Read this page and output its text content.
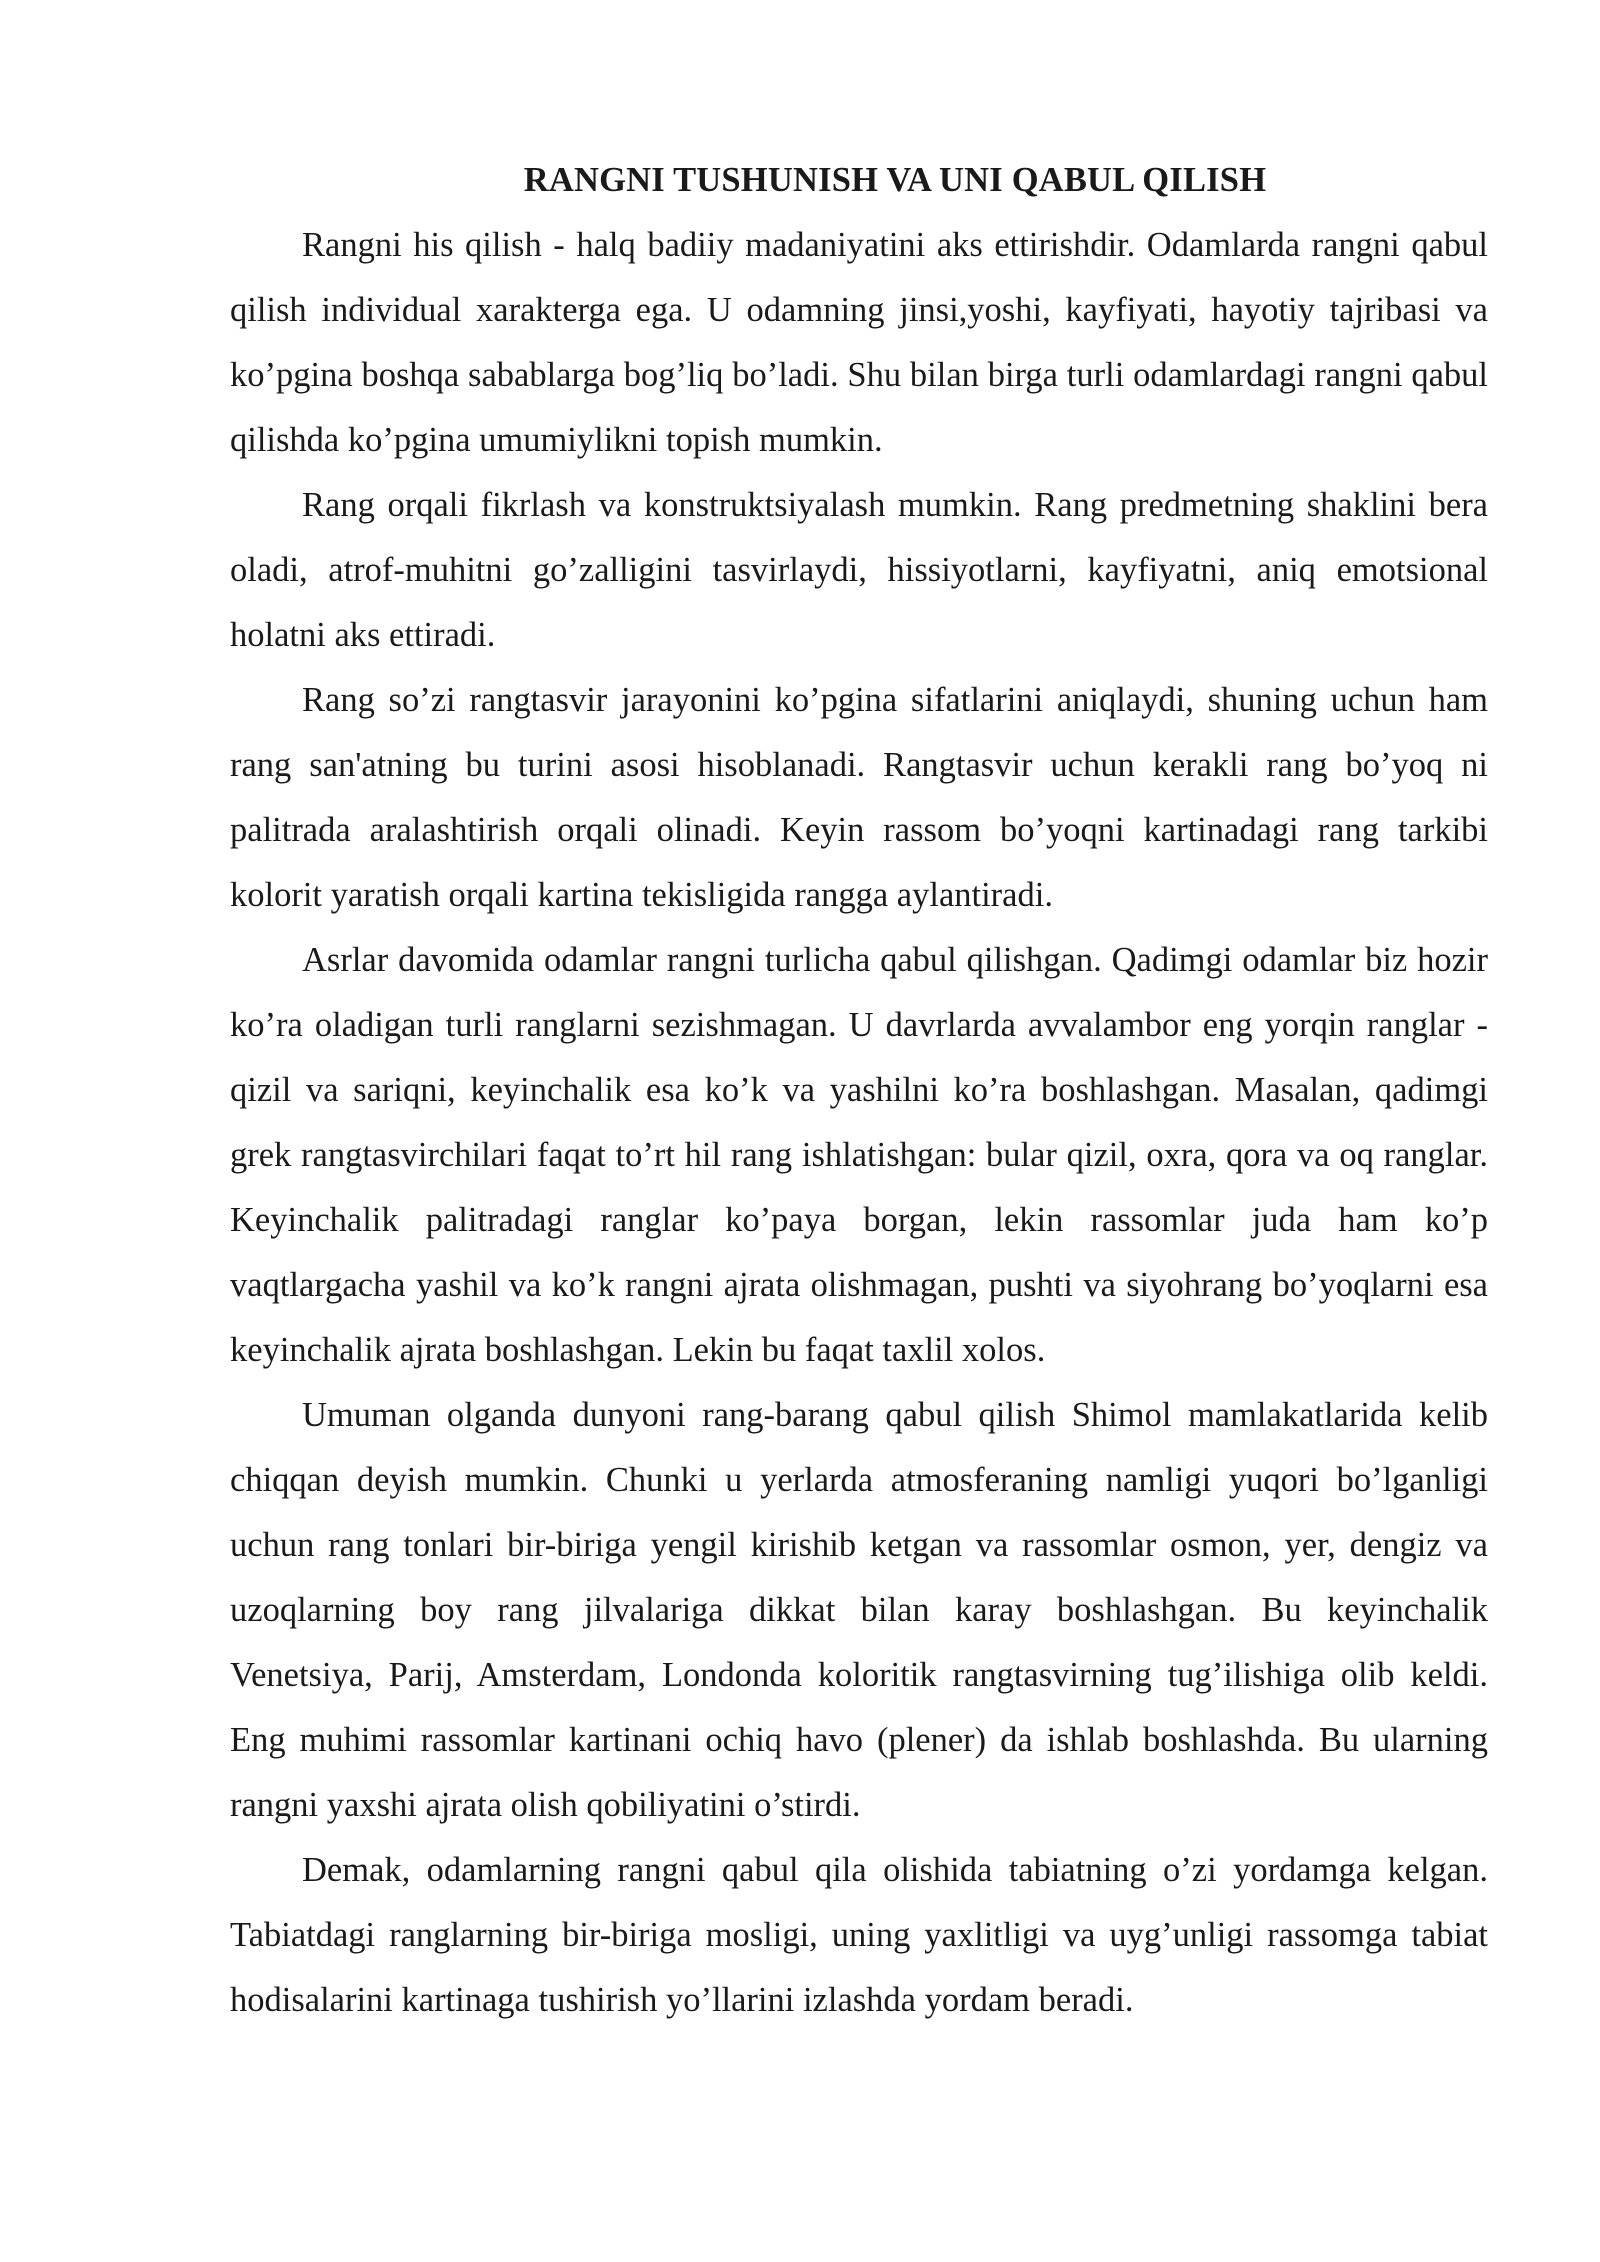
RANGNI TUSHUNISH VA UNI QABUL QILISH

Rangni his qilish - halq badiiy madaniyatini aks ettirishdir. Odamlarda rangni qabul qilish individual xarakterga ega. U odamning jinsi,yoshi, kayfiyati, hayotiy tajribasi va ko’pgina boshqa sabablarga bog’liq bo’ladi. Shu bilan birga turli odamlardagi rangni qabul qilishda ko’pgina umumiylikni topish mumkin.

Rang orqali fikrlash va konstruktsiyalash mumkin. Rang predmetning shaklini bera oladi, atrof-muhitni go’zalligini tasvirlaydi, hissiyotlarni, kayfiyatni, aniq emotsional holatni aks ettiradi.

Rang so’zi rangtasvir jarayonini ko’pgina sifatlarini aniqlaydi, shuning uchun ham rang san'atning bu turini asosi hisoblanadi. Rangtasvir uchun kerakli rang bo’yoq ni palitrada aralashtirish orqali olinadi. Keyin rassom bo’yoqni kartinadagi rang tarkibi kolorit yaratish orqali kartina tekisligida rangga aylantiradi.

Asrlar davomida odamlar rangni turlicha qabul qilishgan. Qadimgi odamlar biz hozir ko’ra oladigan turli ranglarni sezishmagan. U davrlarda avvalambor eng yorqin ranglar - qizil va sariqni, keyinchalik esa ko’k va yashilni ko’ra boshlashgan. Masalan, qadimgi grek rangtasvirchilari faqat to’rt hil rang ishlatishgan: bular qizil, oxra, qora va oq ranglar. Keyinchalik palitradagi ranglar ko’paya borgan, lekin rassomlar juda ham ko’p vaqtlargacha yashil va ko’k rangni ajrata olishmagan, pushti va siyohrang bo’yoqlarni esa keyinchalik ajrata boshlashgan. Lekin bu faqat taxlil xolos.

Umuman olganda dunyoni rang-barang qabul qilish Shimol mamlakatlarida kelib chiqqan deyish mumkin. Chunki u yerlarda atmosferaning namligi yuqori bo’lganligi uchun rang tonlari bir-biriga yengil kirishib ketgan va rassomlar osmon, yer, dengiz va uzoqlarning boy rang jilvalariga dikkat bilan karay boshlashgan. Bu keyinchalik Venetsiya, Parij, Amsterdam, Londonda koloritik rangtasvirning tug’ilishiga olib keldi. Eng muhimi rassomlar kartinani ochiq havo (plener) da ishlab boshlashda. Bu ularning rangni yaxshi ajrata olish qobiliyatini o’stirdi.

Demak, odamlarning rangni qabul qila olishida tabiatning o’zi yordamga kelgan. Tabiatdagi ranglarning bir-biriga mosligi, uning yaxlitligi va uyg’unligi rassomga tabiat hodisalarini kartinaga tushirish yo’llarini izlashda yordam beradi.
